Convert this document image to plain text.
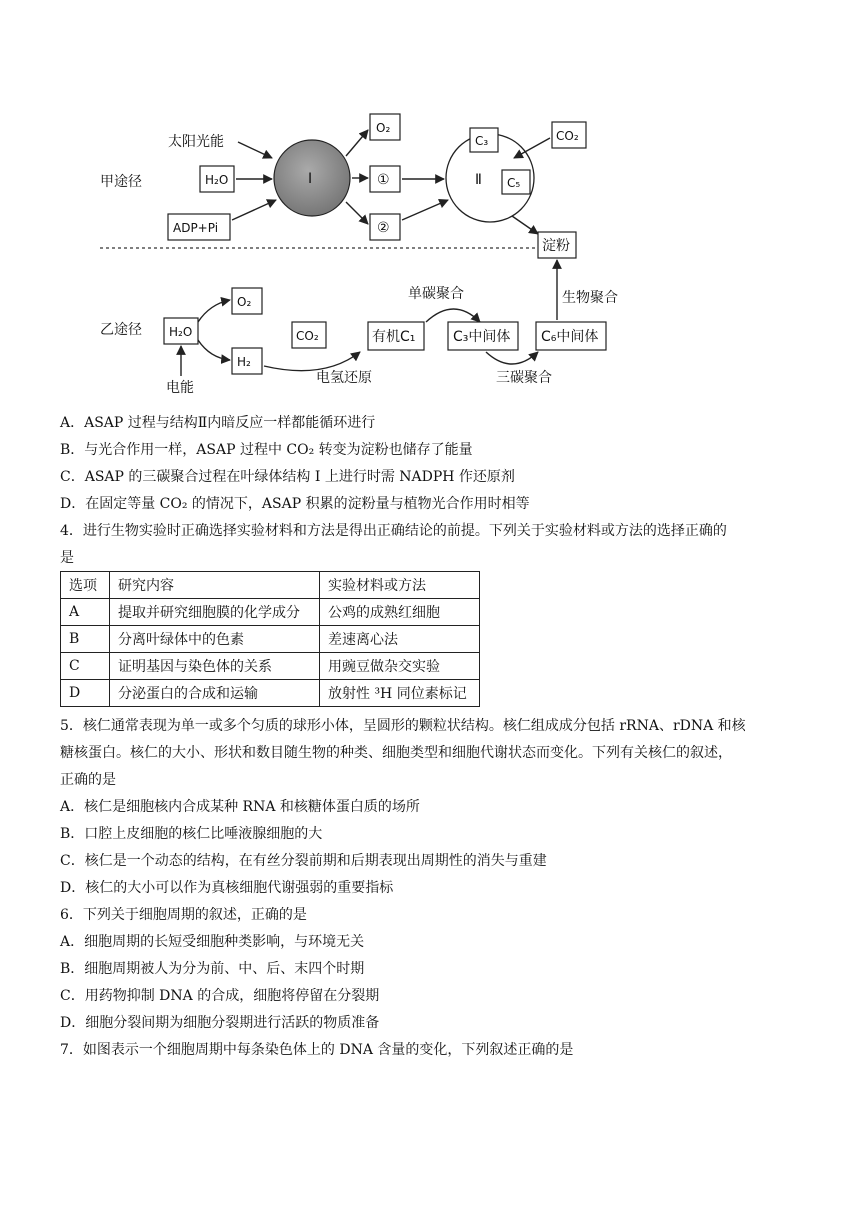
甲途径
太阳光能
H₂O
ADP+Pi
I
O₂
①
②
C₃
C₅
Ⅱ
CO₂
淀粉
乙途径 H₂O
电能
O₂
H₂
CO₂
电氢还原
有机C₁
单碳聚合
C₃中间体
三碳聚合
C₆中间体
生物聚合
A．ASAP 过程与结构Ⅱ内暗反应一样都能循环进行
B．与光合作用一样，ASAP 过程中 CO₂ 转变为淀粉也储存了能量
C．ASAP 的三碳聚合过程在叶绿体结构 I 上进行时需 NADPH 作还原剂
D．在固定等量 CO₂ 的情况下，ASAP 积累的淀粉量与植物光合作用时相等
4．进行生物实验时正确选择实验材料和方法是得出正确结论的前提。下列关于实验材料或方法的选择正确的
是
选项	研究内容	实验材料或方法
A	提取并研究细胞膜的化学成分	公鸡的成熟红细胞
B	分离叶绿体中的色素	差速离心法
C	证明基因与染色体的关系	用豌豆做杂交实验
D	分泌蛋白的合成和运输	放射性 ³H 同位素标记
5．核仁通常表现为单一或多个匀质的球形小体，呈圆形的颗粒状结构。核仁组成成分包括 rRNA、rDNA 和核
糖核蛋白。核仁的大小、形状和数目随生物的种类、细胞类型和细胞代谢状态而变化。下列有关核仁的叙述，
正确的是
A．核仁是细胞核内合成某种 RNA 和核糖体蛋白质的场所
B．口腔上皮细胞的核仁比唾液腺细胞的大
C．核仁是一个动态的结构，在有丝分裂前期和后期表现出周期性的消失与重建
D．核仁的大小可以作为真核细胞代谢强弱的重要指标
6．下列关于细胞周期的叙述，正确的是
A．细胞周期的长短受细胞种类影响，与环境无关
B．细胞周期被人为分为前、中、后、末四个时期
C．用药物抑制 DNA 的合成，细胞将停留在分裂期
D．细胞分裂间期为细胞分裂期进行活跃的物质准备
7．如图表示一个细胞周期中每条染色体上的 DNA 含量的变化，下列叙述正确的是
